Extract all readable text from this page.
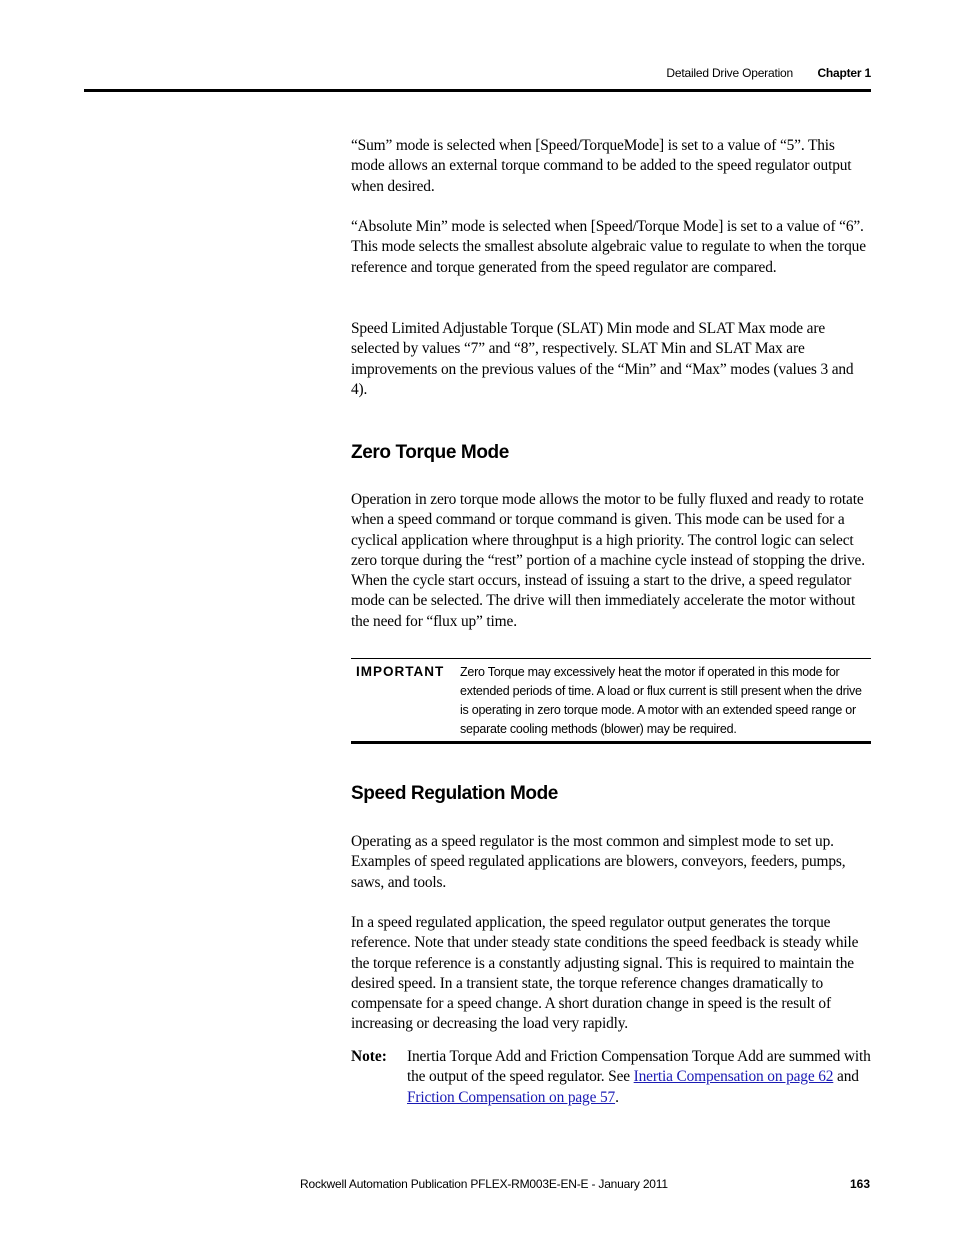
Detailed Drive Operation Chapter 1

“Sum” mode is selected when [Speed/TorqueMode] is set to a value of “5”. This mode allows an external torque command to be added to the speed regulator output when desired.

“Absolute Min” mode is selected when [Speed/Torque Mode] is set to a value of “6”. This mode selects the smallest absolute algebraic value to regulate to when the torque reference and torque generated from the speed regulator are compared.

Speed Limited Adjustable Torque (SLAT) Min mode and SLAT Max mode are selected by values “7” and “8”, respectively. SLAT Min and SLAT Max are improvements on the previous values of the “Min” and “Max” modes (values 3 and 4).

Zero Torque Mode

Operation in zero torque mode allows the motor to be fully fluxed and ready to rotate when a speed command or torque command is given. This mode can be used for a cyclical application where throughput is a high priority. The control logic can select zero torque during the “rest” portion of a machine cycle instead of stopping the drive. When the cycle start occurs, instead of issuing a start to the drive, a speed regulator mode can be selected. The drive will then immediately accelerate the motor without the need for “flux up” time.

IMPORTANT Zero Torque may excessively heat the motor if operated in this mode for extended periods of time. A load or flux current is still present when the drive is operating in zero torque mode. A motor with an extended speed range or separate cooling methods (blower) may be required.
Speed Regulation Mode

Operating as a speed regulator is the most common and simplest mode to set up. Examples of speed regulated applications are blowers, conveyors, feeders, pumps, saws, and tools.

In a speed regulated application, the speed regulator output generates the torque reference. Note that under steady state conditions the speed feedback is steady while the torque reference is a constantly adjusting signal. This is required to maintain the desired speed. In a transient state, the torque reference changes dramatically to compensate for a speed change. A short duration change in speed is the result of increasing or decreasing the load very rapidly.

Note: Inertia Torque Add and Friction Compensation Torque Add are summed with the output of the speed regulator. See Inertia Compensation on page 62 and Friction Compensation on page 57.
Rockwell Automation Publication PFLEX-RM003E-EN-E - January 2011	163
